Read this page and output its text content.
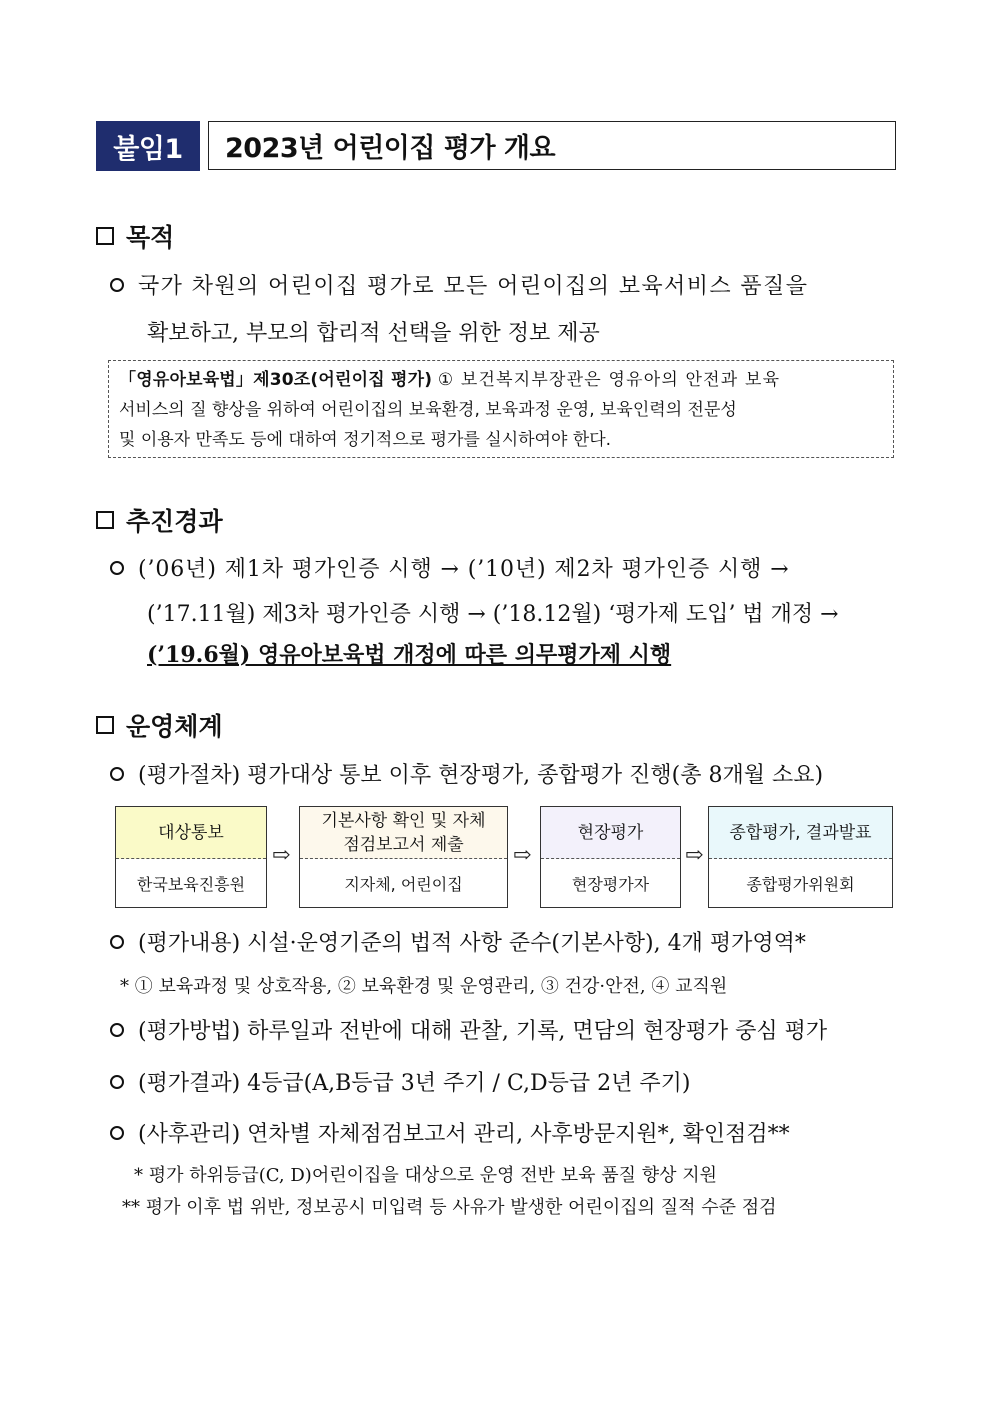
붙임1	2023년 어린이집 평가 개요
목적
국가 차원의 어린이집 평가로 모든 어린이집의 보육서비스 품질을
확보하고, 부모의 합리적 선택을 위한 정보 제공
「영유아보육법」제30조(어린이집 평가) ① 보건복지부장관은 영유아의 안전과 보육
서비스의 질 향상을 위하여 어린이집의 보육환경, 보육과정 운영, 보육인력의 전문성
및 이용자 만족도 등에 대하여 정기적으로 평가를 실시하여야 한다.
추진경과
(’06년) 제1차 평가인증 시행 → (’10년) 제2차 평가인증 시행 →
(’17.11월) 제3차 평가인증 시행 → (’18.12월) ‘평가제 도입’ 법 개정 →
(’19.6월) 영유아보육법 개정에 따른 의무평가제 시행
운영체계
(평가절차) 평가대상 통보 이후 현장평가, 종합평가 진행(총 8개월 소요)
대상통보
한국보육진흥원
⇨
기본사항 확인 및 자체점검보고서 제출
지자체, 어린이집
⇨
현장평가
현장평가자
⇨
종합평가, 결과발표
종합평가위원회
(평가내용) 시설·운영기준의 법적 사항 준수(기본사항), 4개 평가영역*
* ① 보육과정 및 상호작용, ② 보육환경 및 운영관리, ③ 건강·안전, ④ 교직원
(평가방법) 하루일과 전반에 대해 관찰, 기록, 면담의 현장평가 중심 평가
(평가결과) 4등급(A,B등급 3년 주기 / C,D등급 2년 주기)
(사후관리) 연차별 자체점검보고서 관리, 사후방문지원*, 확인점검**
* 평가 하위등급(C, D)어린이집을 대상으로 운영 전반 보육 품질 향상 지원
** 평가 이후 법 위반, 정보공시 미입력 등 사유가 발생한 어린이집의 질적 수준 점검
